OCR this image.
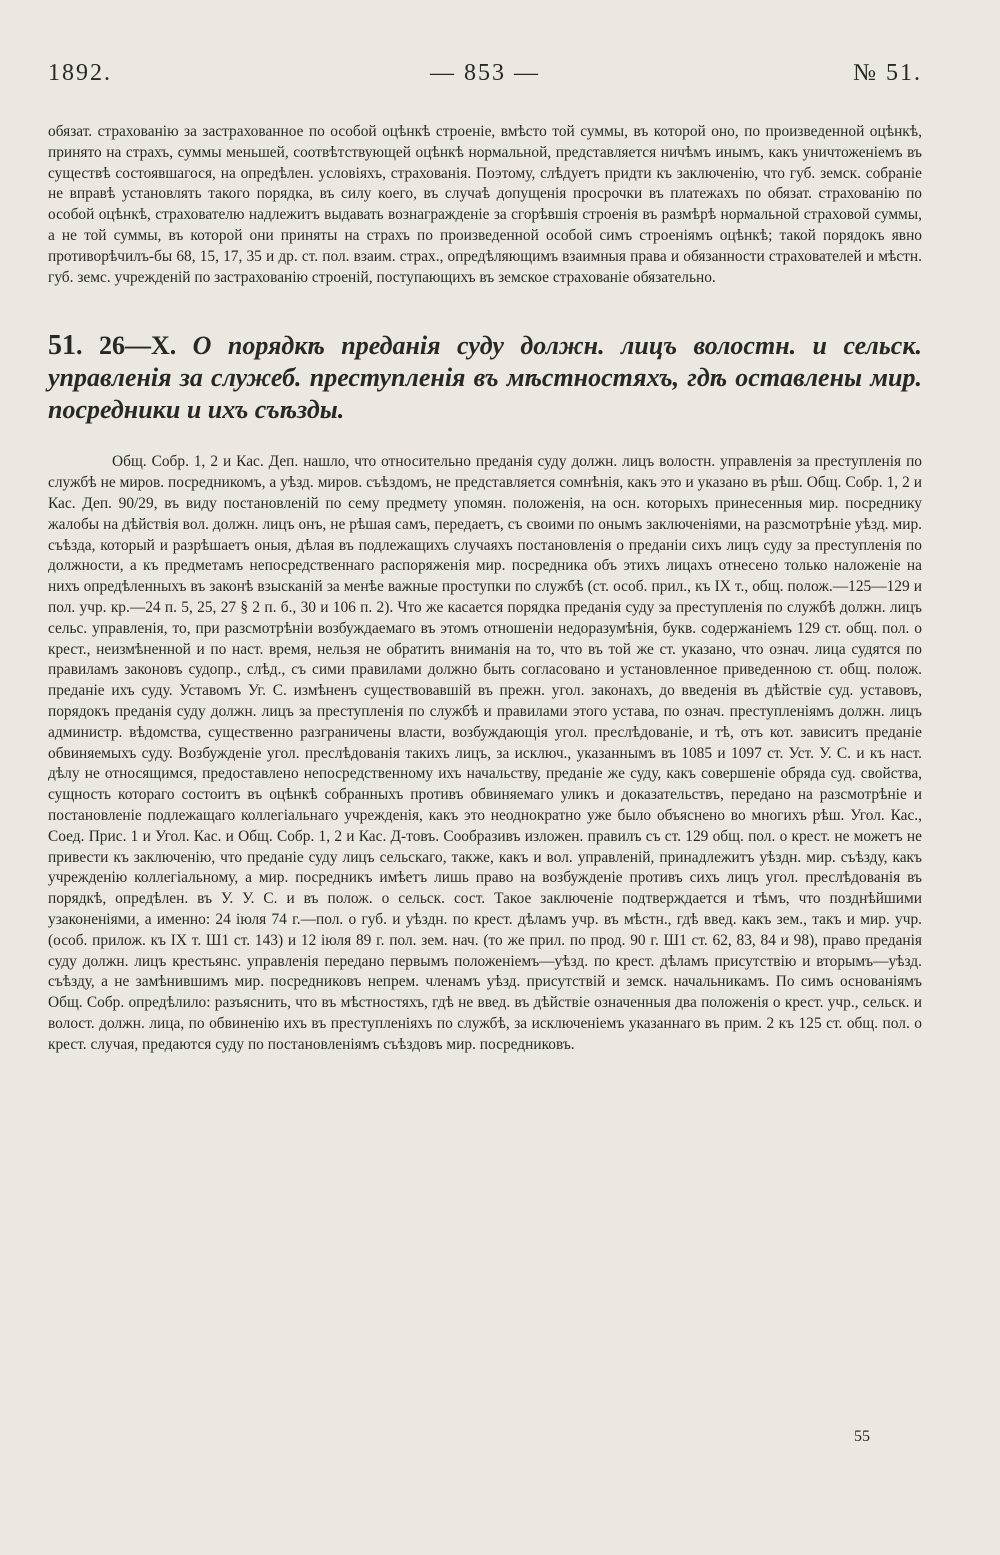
1892.	— 853 —	№ 51.

обязат. страхованію за застрахованное по особой оцѣнкѣ строеніе, вмѣсто той суммы, въ которой оно, по произведенной оцѣнкѣ, принято на страхъ, суммы меньшей, соотвѣтствующей оцѣнкѣ нормальной, представляется ничѣмъ инымъ, какъ уничтоженіемъ въ существѣ состоявшагося, на опредѣлен. условіяхъ, страхованія. Поэтому, слѣдуетъ придти къ заключенію, что губ. земск. собраніе не вправѣ установлять такого порядка, въ силу коего, въ случаѣ допущенія просрочки въ платежахъ по обязат. страхованію по особой оцѣнкѣ, страхователю надлежитъ выдавать вознагражденіе за сгорѣвшія строенія въ размѣрѣ нормальной страховой суммы, а не той суммы, въ которой они приняты на страхъ по произведенной особой симъ строеніямъ оцѣнкѣ; такой порядокъ явно противорѣчилъ-бы 68, 15, 17, 35 и др. ст. пол. взаим. страх., опредѣляющимъ взаимныя права и обязанности страхователей и мѣстн. губ. земс. учрежденій по застрахованію строеній, поступающихъ въ земское страхованіе обязательно.

51. 26—X. О порядкѣ преданія суду должн. лицъ волостн. и сельск. управленія за служеб. преступленія въ мѣстностяхъ, гдѣ оставлены мир. посредники и ихъ съѣзды.

Общ. Собр. 1, 2 и Кас. Деп. нашло, что относительно преданія суду должн. лицъ волостн. управленія за преступленія по службѣ не миров. посредникомъ, а уѣзд. миров. съѣздомъ, не представляется сомнѣнія, какъ это и указано въ рѣш. Общ. Собр. 1, 2 и Кас. Деп. 90/29, въ виду постановленій по сему предмету упомян. положенія, на осн. которыхъ принесенныя мир. посреднику жалобы на дѣйствія вол. должн. лицъ онъ, не рѣшая самъ, передаетъ, съ своими по онымъ заключеніями, на разсмотрѣніе уѣзд. мир. съѣзда, который и разрѣшаетъ оныя, дѣлая въ подлежащихъ случаяхъ постановленія о преданіи сихъ лицъ суду за преступленія по должности, а къ предметамъ непосредственнаго распоряженія мир. посредника объ этихъ лицахъ отнесено только наложеніе на нихъ опредѣленныхъ въ законѣ взысканій за менѣе важные проступки по службѣ (ст. особ. прил., къ IX т., общ. полож.—125—129 и пол. учр. кр.—24 п. 5, 25, 27 § 2 п. б., 30 и 106 п. 2). Что же касается порядка преданія суду за преступленія по службѣ должн. лицъ сельс. управленія, то, при разсмотрѣніи возбуждаемаго въ этомъ отношеніи недоразумѣнія, букв. содержаніемъ 129 ст. общ. пол. о крест., неизмѣненной и по наст. время, нельзя не обратить вниманія на то, что въ той же ст. указано, что означ. лица судятся по правиламъ законовъ судопр., слѣд., съ сими правилами должно быть согласовано и установленное приведенною ст. общ. полож. преданіе ихъ суду. Уставомъ Уг. С. измѣненъ существовавшій въ прежн. угол. законахъ, до введенія въ дѣйствіе суд. уставовъ, порядокъ преданія суду должн. лицъ за преступленія по службѣ и правилами этого устава, по означ. преступленіямъ должн. лицъ администр. вѣдомства, существенно разграничены власти, возбуждающія угол. преслѣдованіе, и тѣ, отъ кот. зависитъ преданіе обвиняемыхъ суду. Возбужденіе угол. преслѣдованія такихъ лицъ, за исключ., указаннымъ въ 1085 и 1097 ст. Уст. У. С. и къ наст. дѣлу не относящимся, предоставлено непосредственному ихъ начальству, преданіе же суду, какъ совершеніе обряда суд. свойства, сущность котораго состоитъ въ оцѣнкѣ собранныхъ противъ обвиняемаго уликъ и доказательствъ, передано на разсмотрѣніе и постановленіе подлежащаго коллегіальнаго учрежденія, какъ это неоднократно уже было объяснено во многихъ рѣш. Угол. Кас., Соед. Прис. 1 и Угол. Кас. и Общ. Собр. 1, 2 и Кас. Д-товъ. Сообразивъ изложен. правилъ съ ст. 129 общ. пол. о крест. не можетъ не привести къ заключенію, что преданіе суду лицъ сельскаго, также, какъ и вол. управленій, принадлежитъ уѣздн. мир. съѣзду, какъ учрежденію коллегіальному, а мир. посредникъ имѣетъ лишь право на возбужденіе противъ сихъ лицъ угол. преслѣдованія въ порядкѣ, опредѣлен. въ У. У. С. и въ полож. о сельск. сост. Такое заключеніе подтверждается и тѣмъ, что позднѣйшими узаконеніями, а именно: 24 іюля 74 г.—пол. о губ. и уѣздн. по крест. дѣламъ учр. въ мѣстн., гдѣ введ. какъ зем., такъ и мир. учр. (особ. прилож. къ IX т. Ш1 ст. 143) и 12 іюля 89 г. пол. зем. нач. (то же прил. по прод. 90 г. Ш1 ст. 62, 83, 84 и 98), право преданія суду должн. лицъ крестьянс. управленія передано первымъ положеніемъ—уѣзд. по крест. дѣламъ присутствію и вторымъ—уѣзд. съѣзду, а не замѣнившимъ мир. посредниковъ непрем. членамъ уѣзд. присутствій и земск. начальникамъ. По симъ основаніямъ Общ. Собр. опредѣлило: разъяснить, что въ мѣстностяхъ, гдѣ не введ. въ дѣйствіе означенныя два положенія о крест. учр., сельск. и волост. должн. лица, по обвиненію ихъ въ преступленіяхъ по службѣ, за исключеніемъ указаннаго въ прим. 2 къ 125 ст. общ. пол. о крест. случая, предаются суду по постановленіямъ съѣздовъ мир. посредниковъ.

55
